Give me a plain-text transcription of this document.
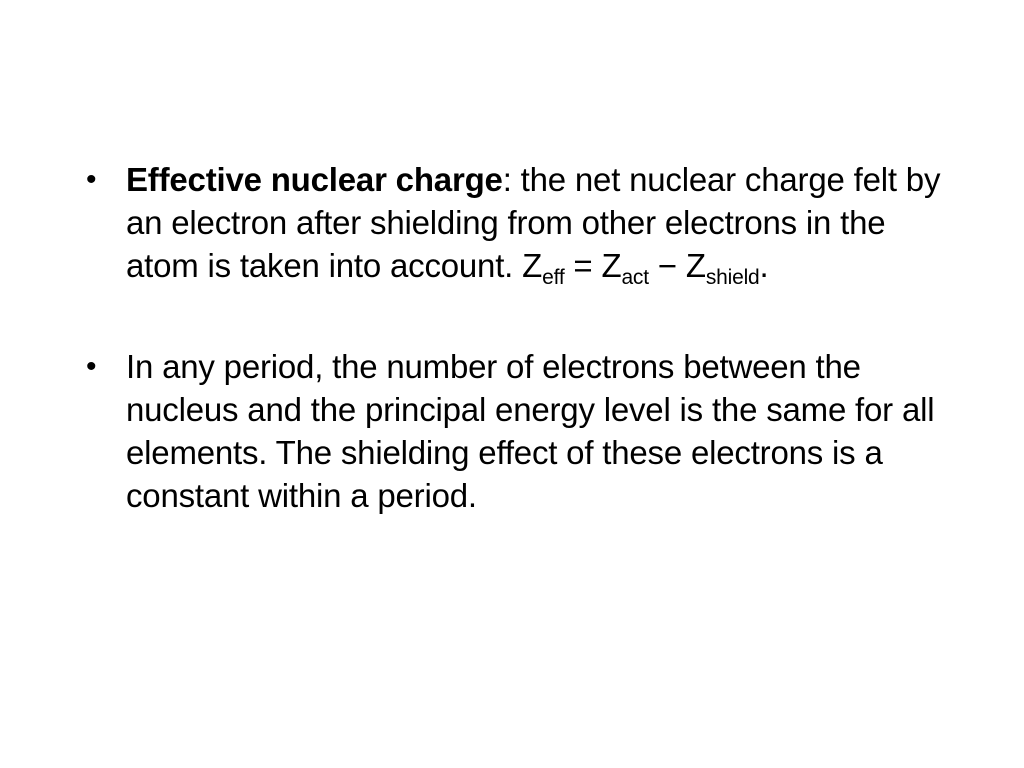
• Effective nuclear charge: the net nuclear charge felt by an electron after shielding from other electrons in the atom is taken into account. $Z_{eff} = Z_{act} - Z_{shield}$.
• In any period, the number of electrons between the nucleus and the principal energy level is the same for all elements. The shielding effect of these electrons is a constant within a period.
